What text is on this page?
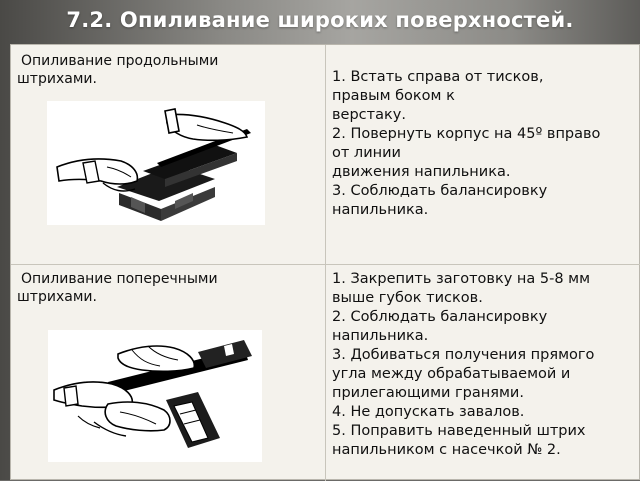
7.2. Опиливание широких поверхностей.
Опиливание продольными
штрихами.	1. Встать справа от тисков,
правым боком к
верстаку.
2. Повернуть корпус на 45º вправо
от линии
движения напильника.
3. Соблюдать балансировку
напильника.
Опиливание поперечными
штрихами.
1. Закрепить заготовку на 5-8 мм
выше губок тисков.
2. Соблюдать балансировку
напильника.
3. Добиваться получения прямого
угла между обрабатываемой и
прилегающими гранями.
4. Не допускать завалов.
5. Поправить наведенный штрих
напильником с насечкой № 2.
